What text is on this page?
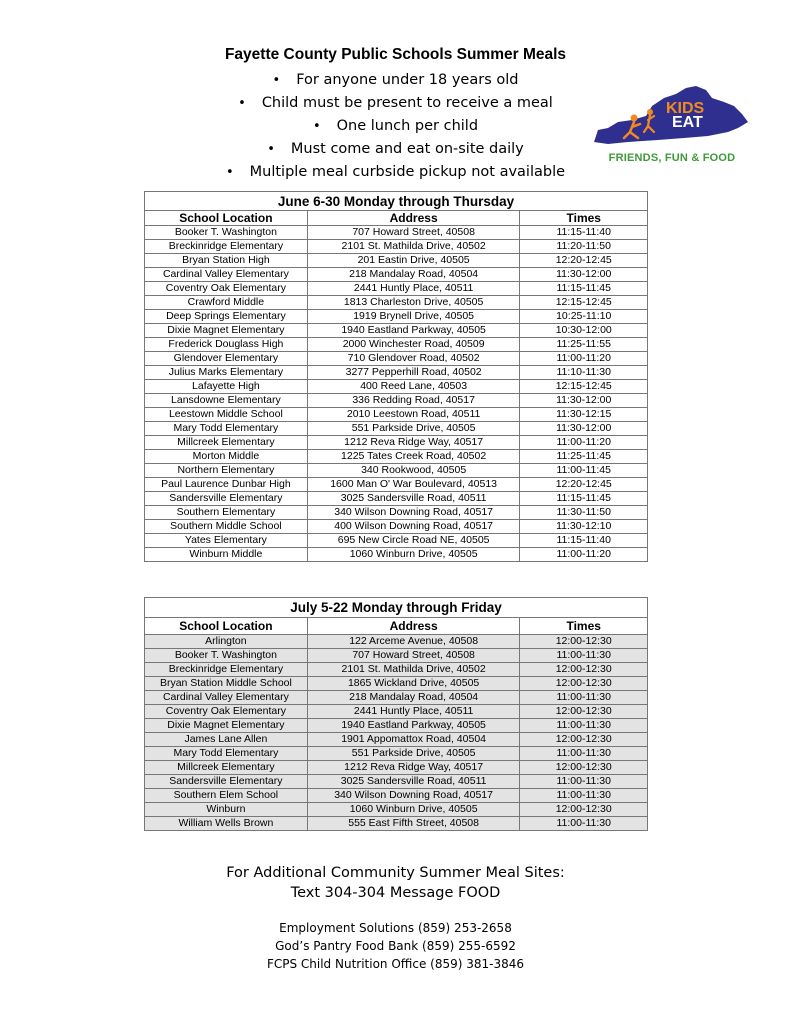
Fayette County Public Schools Summer Meals
• For anyone under 18 years old
• Child must be present to receive a meal
• One lunch per child
• Must come and eat on-site daily
• Multiple meal curbside pickup not available
KIDS
EAT
FRIENDS, FUN & FOOD
June 6-30 Monday through Thursday		
School Location	Address	Times
Booker T. Washington	707 Howard Street, 40508	11:15-11:40
Breckinridge Elementary	2101 St. Mathilda Drive, 40502	11:20-11:50
Bryan Station High	201 Eastin Drive, 40505	12:20-12:45
Cardinal Valley Elementary	218 Mandalay Road, 40504	11:30-12:00
Coventry Oak Elementary	2441 Huntly Place, 40511	11:15-11:45
Crawford Middle	1813 Charleston Drive, 40505	12:15-12:45
Deep Springs Elementary	1919 Brynell Drive, 40505	10:25-11:10
Dixie Magnet Elementary	1940 Eastland Parkway, 40505	10:30-12:00
Frederick Douglass High	2000 Winchester Road, 40509	11:25-11:55
Glendover Elementary	710 Glendover Road, 40502	11:00-11:20
Julius Marks Elementary	3277 Pepperhill Road, 40502	11:10-11:30
Lafayette High	400 Reed Lane, 40503	12:15-12:45
Lansdowne Elementary	336 Redding Road, 40517	11:30-12:00
Leestown Middle School	2010 Leestown Road, 40511	11:30-12:15
Mary Todd Elementary	551 Parkside Drive, 40505	11:30-12:00
Millcreek Elementary	1212 Reva Ridge Way, 40517	11:00-11:20
Morton Middle	1225 Tates Creek Road, 40502	11:25-11:45
Northern Elementary	340 Rookwood, 40505	11:00-11:45
Paul Laurence Dunbar High	1600 Man O' War Boulevard, 40513	12:20-12:45
Sandersville Elementary	3025 Sandersville Road, 40511	11:15-11:45
Southern Elementary	340 Wilson Downing Road, 40517	11:30-11:50
Southern Middle School	400 Wilson Downing Road, 40517	11:30-12:10
Yates Elementary	695 New Circle Road NE, 40505	11:15-11:40
Winburn Middle	1060 Winburn Drive, 40505	11:00-11:20
July 5-22 Monday through Friday		
School Location	Address	Times
Arlington	122 Arceme Avenue, 40508	12:00-12:30
Booker T. Washington	707 Howard Street, 40508	11:00-11:30
Breckinridge Elementary	2101 St. Mathilda Drive, 40502	12:00-12:30
Bryan Station Middle School	1865 Wickland Drive, 40505	12:00-12:30
Cardinal Valley Elementary	218 Mandalay Road, 40504	11:00-11:30
Coventry Oak Elementary	2441 Huntly Place, 40511	12:00-12:30
Dixie Magnet Elementary	1940 Eastland Parkway, 40505	11:00-11:30
James Lane Allen	1901 Appomattox Road, 40504	12:00-12:30
Mary Todd Elementary	551 Parkside Drive, 40505	11:00-11:30
Millcreek Elementary	1212 Reva Ridge Way, 40517	12:00-12:30
Sandersville Elementary	3025 Sandersville Road, 40511	11:00-11:30
Southern Elem School	340 Wilson Downing Road, 40517	11:00-11:30
Winburn	1060 Winburn Drive, 40505	12:00-12:30
William Wells Brown	555 East Fifth Street, 40508	11:00-11:30

For Additional Community Summer Meal Sites:

Text 304-304 Message FOOD

Employment Solutions (859) 253-2658

God’s Pantry Food Bank (859) 255-6592

FCPS Child Nutrition Office (859) 381-3846
